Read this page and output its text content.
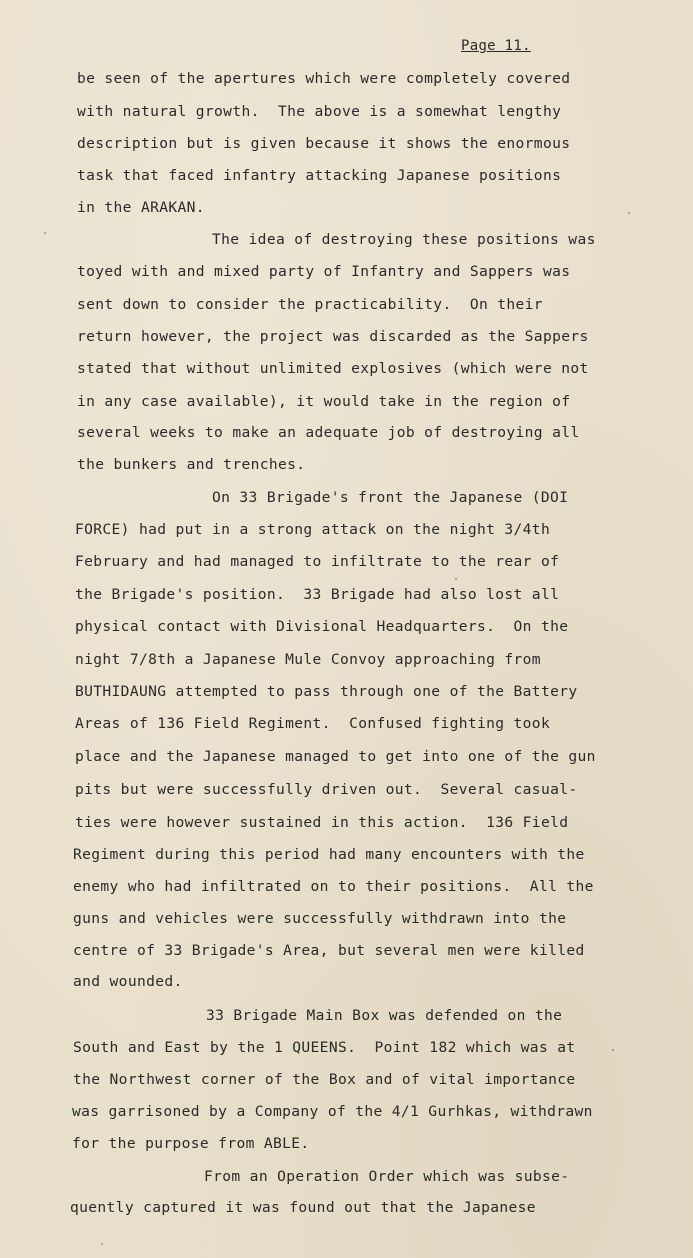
Page 11.
be seen of the apertures which were completely covered
with natural growth.  The above is a somewhat lengthy
description but is given because it shows the enormous
task that faced infantry attacking Japanese positions
in the ARAKAN.
The idea of destroying these positions was
toyed with and mixed party of Infantry and Sappers was
sent down to consider the practicability.  On their
return however, the project was discarded as the Sappers
stated that without unlimited explosives (which were not
in any case available), it would take in the region of
several weeks to make an adequate job of destroying all
the bunkers and trenches.
On 33 Brigade's front the Japanese (DOI
FORCE) had put in a strong attack on the night 3/4th
February and had managed to infiltrate to the rear of
the Brigade's position.  33 Brigade had also lost all
physical contact with Divisional Headquarters.  On the
night 7/8th a Japanese Mule Convoy approaching from
BUTHIDAUNG attempted to pass through one of the Battery
Areas of 136 Field Regiment.  Confused fighting took
place and the Japanese managed to get into one of the gun
pits but were successfully driven out.  Several casual-
ties were however sustained in this action.  136 Field
Regiment during this period had many encounters with the
enemy who had infiltrated on to their positions.  All the
guns and vehicles were successfully withdrawn into the
centre of 33 Brigade's Area, but several men were killed
and wounded.
33 Brigade Main Box was defended on the
South and East by the 1 QUEENS.  Point 182 which was at
the Northwest corner of the Box and of vital importance
was garrisoned by a Company of the 4/1 Gurhkas, withdrawn
for the purpose from ABLE.
From an Operation Order which was subse-
quently captured it was found out that the Japanese
